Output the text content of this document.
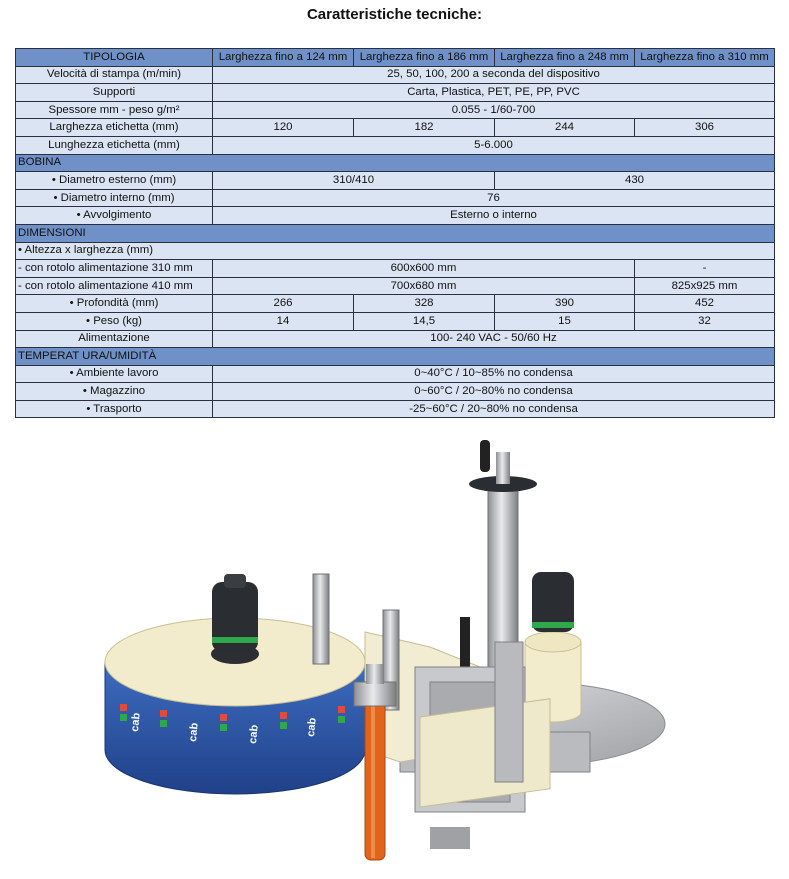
Caratteristiche tecniche:
TIPOLOGIA	Larghezza fino a 124 mm	Larghezza fino a 186 mm	Larghezza fino a 248 mm	Larghezza fino a 310 mm
Velocità di stampa (m/min)	25, 50, 100, 200 a seconda del dispositivo			
Supporti	Carta, Plastica, PET, PE, PP, PVC			
Spessore mm - peso g/m²	0.055 - 1/60-700			
Larghezza etichetta (mm)	120	182	244	306
Lunghezza etichetta (mm)	5-6.000			
BOBINA				
• Diametro esterno (mm)	310/410		430	
• Diametro interno (mm)	76			
• Avvolgimento	Esterno o interno			
DIMENSIONI				
• Altezza x larghezza (mm)				
- con rotolo alimentazione 310 mm	600x600 mm			-
- con rotolo alimentazione 410 mm	700x680 mm			825x925 mm
• Profondità (mm)	266	328	390	452
• Peso (kg)	14	14,5	15	32
Alimentazione	100- 240 VAC - 50/60 Hz			
TEMPERAT URA/UMIDITÀ				
• Ambiente lavoro	0~40°C / 10~85% no condensa			
• Magazzino	0~60°C / 20~80% no condensa			
• Trasporto	-25~60°C / 20~80% no condensa			
cab
cab	cab	cab
